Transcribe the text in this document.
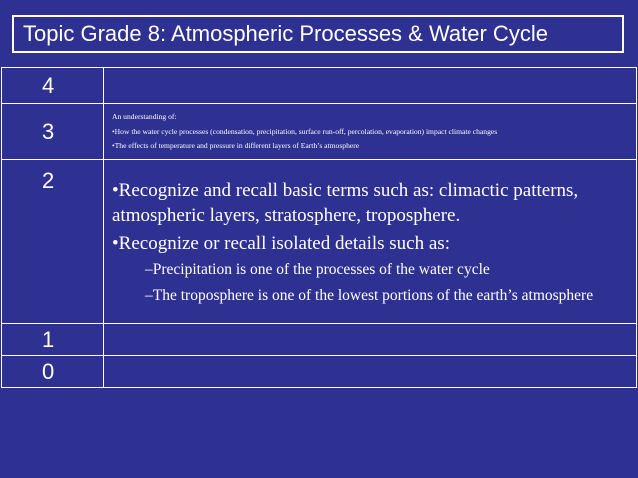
Topic Grade 8: Atmospheric Processes & Water Cycle
4	
3	An understanding of:

•How the water cycle processes (condensation, precipitation, surface run-off, percolation, evaporation) impact climate changes

•The effects of temperature and pressure in different layers of Earth’s atmosphere

2	•Recognize and recall basic terms such as: climactic patterns, atmospheric layers, stratosphere, troposphere.

•Recognize or recall isolated details such as:

–Precipitation is one of the processes of the water cycle

–The troposphere is one of the lowest portions of the earth’s atmosphere

1	
0	
